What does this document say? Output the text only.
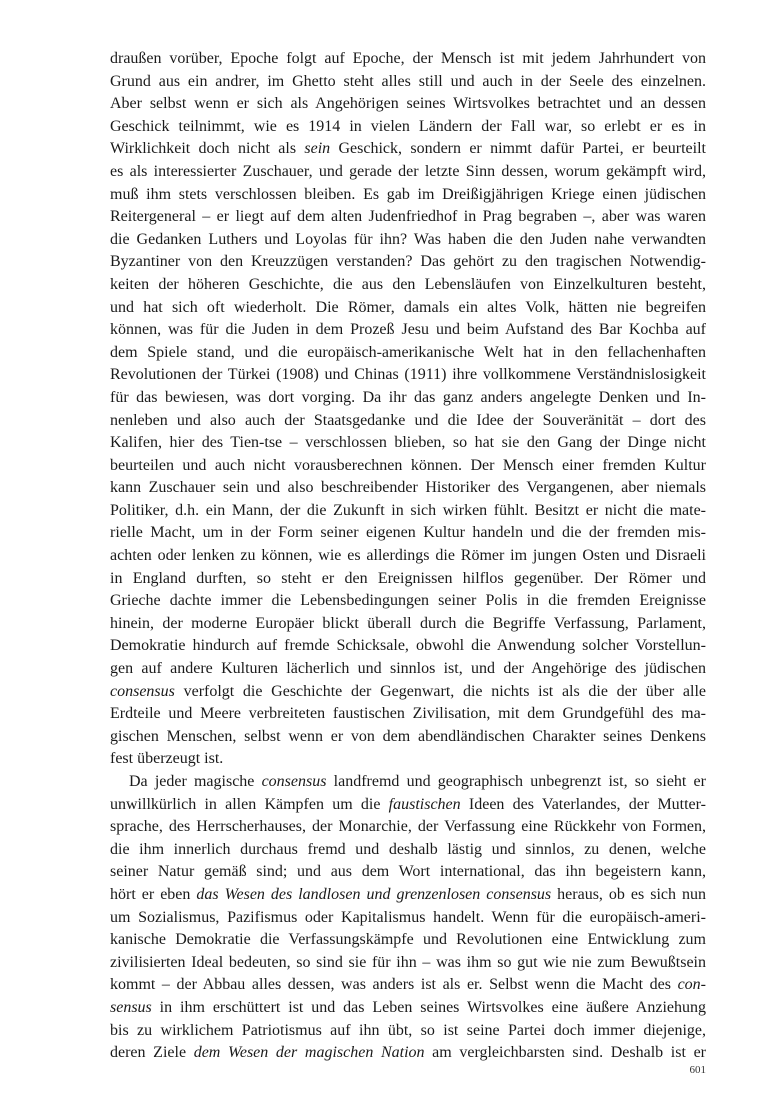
draußen vorüber, Epoche folgt auf Epoche, der Mensch ist mit jedem Jahrhundert von
Grund aus ein andrer, im Ghetto steht alles still und auch in der Seele des einzelnen.
Aber selbst wenn er sich als Angehörigen seines Wirtsvolkes betrachtet und an dessen
Geschick teilnimmt, wie es 1914 in vielen Ländern der Fall war, so erlebt er es in
Wirklichkeit doch nicht als sein Geschick, sondern er nimmt dafür Partei, er beurteilt
es als interessierter Zuschauer, und gerade der letzte Sinn dessen, worum gekämpft wird,
muß ihm stets verschlossen bleiben. Es gab im Dreißigjährigen Kriege einen jüdischen
Reitergeneral – er liegt auf dem alten Judenfriedhof in Prag begraben –, aber was waren
die Gedanken Luthers und Loyolas für ihn? Was haben die den Juden nahe verwandten
Byzantiner von den Kreuzzügen verstanden? Das gehört zu den tragischen Notwendig-
keiten der höheren Geschichte, die aus den Lebensläufen von Einzelkulturen besteht,
und hat sich oft wiederholt. Die Römer, damals ein altes Volk, hätten nie begreifen
können, was für die Juden in dem Prozeß Jesu und beim Aufstand des Bar Kochba auf
dem Spiele stand, und die europäisch-amerikanische Welt hat in den fellachenhaften
Revolutionen der Türkei (1908) und Chinas (1911) ihre vollkommene Verständnislosigkeit
für das bewiesen, was dort vorging. Da ihr das ganz anders angelegte Denken und In-
nenleben und also auch der Staatsgedanke und die Idee der Souveränität – dort des
Kalifen, hier des Tien-tse – verschlossen blieben, so hat sie den Gang der Dinge nicht
beurteilen und auch nicht vorausberechnen können. Der Mensch einer fremden Kultur
kann Zuschauer sein und also beschreibender Historiker des Vergangenen, aber niemals
Politiker, d.h. ein Mann, der die Zukunft in sich wirken fühlt. Besitzt er nicht die mate-
rielle Macht, um in der Form seiner eigenen Kultur handeln und die der fremden mis-
achten oder lenken zu können, wie es allerdings die Römer im jungen Osten und Disraeli
in England durften, so steht er den Ereignissen hilflos gegenüber. Der Römer und
Grieche dachte immer die Lebensbedingungen seiner Polis in die fremden Ereignisse
hinein, der moderne Europäer blickt überall durch die Begriffe Verfassung, Parlament,
Demokratie hindurch auf fremde Schicksale, obwohl die Anwendung solcher Vorstellun-
gen auf andere Kulturen lächerlich und sinnlos ist, und der Angehörige des jüdischen
consensus verfolgt die Geschichte der Gegenwart, die nichts ist als die der über alle
Erdteile und Meere verbreiteten faustischen Zivilisation, mit dem Grundgefühl des ma-
gischen Menschen, selbst wenn er von dem abendländischen Charakter seines Denkens
fest überzeugt ist.
Da jeder magische consensus landfremd und geographisch unbegrenzt ist, so sieht er
unwillkürlich in allen Kämpfen um die faustischen Ideen des Vaterlandes, der Mutter-
sprache, des Herrscherhauses, der Monarchie, der Verfassung eine Rückkehr von Formen,
die ihm innerlich durchaus fremd und deshalb lästig und sinnlos, zu denen, welche
seiner Natur gemäß sind; und aus dem Wort international, das ihn begeistern kann,
hört er eben das Wesen des landlosen und grenzenlosen consensus heraus, ob es sich nun
um Sozialismus, Pazifismus oder Kapitalismus handelt. Wenn für die europäisch-ameri-
kanische Demokratie die Verfassungskämpfe und Revolutionen eine Entwicklung zum
zivilisierten Ideal bedeuten, so sind sie für ihn – was ihm so gut wie nie zum Bewußtsein
kommt – der Abbau alles dessen, was anders ist als er. Selbst wenn die Macht des con-
sensus in ihm erschüttert ist und das Leben seines Wirtsvolkes eine äußere Anziehung
bis zu wirklichem Patriotismus auf ihn übt, so ist seine Partei doch immer diejenige,
deren Ziele dem Wesen der magischen Nation am vergleichbarsten sind. Deshalb ist er
601
